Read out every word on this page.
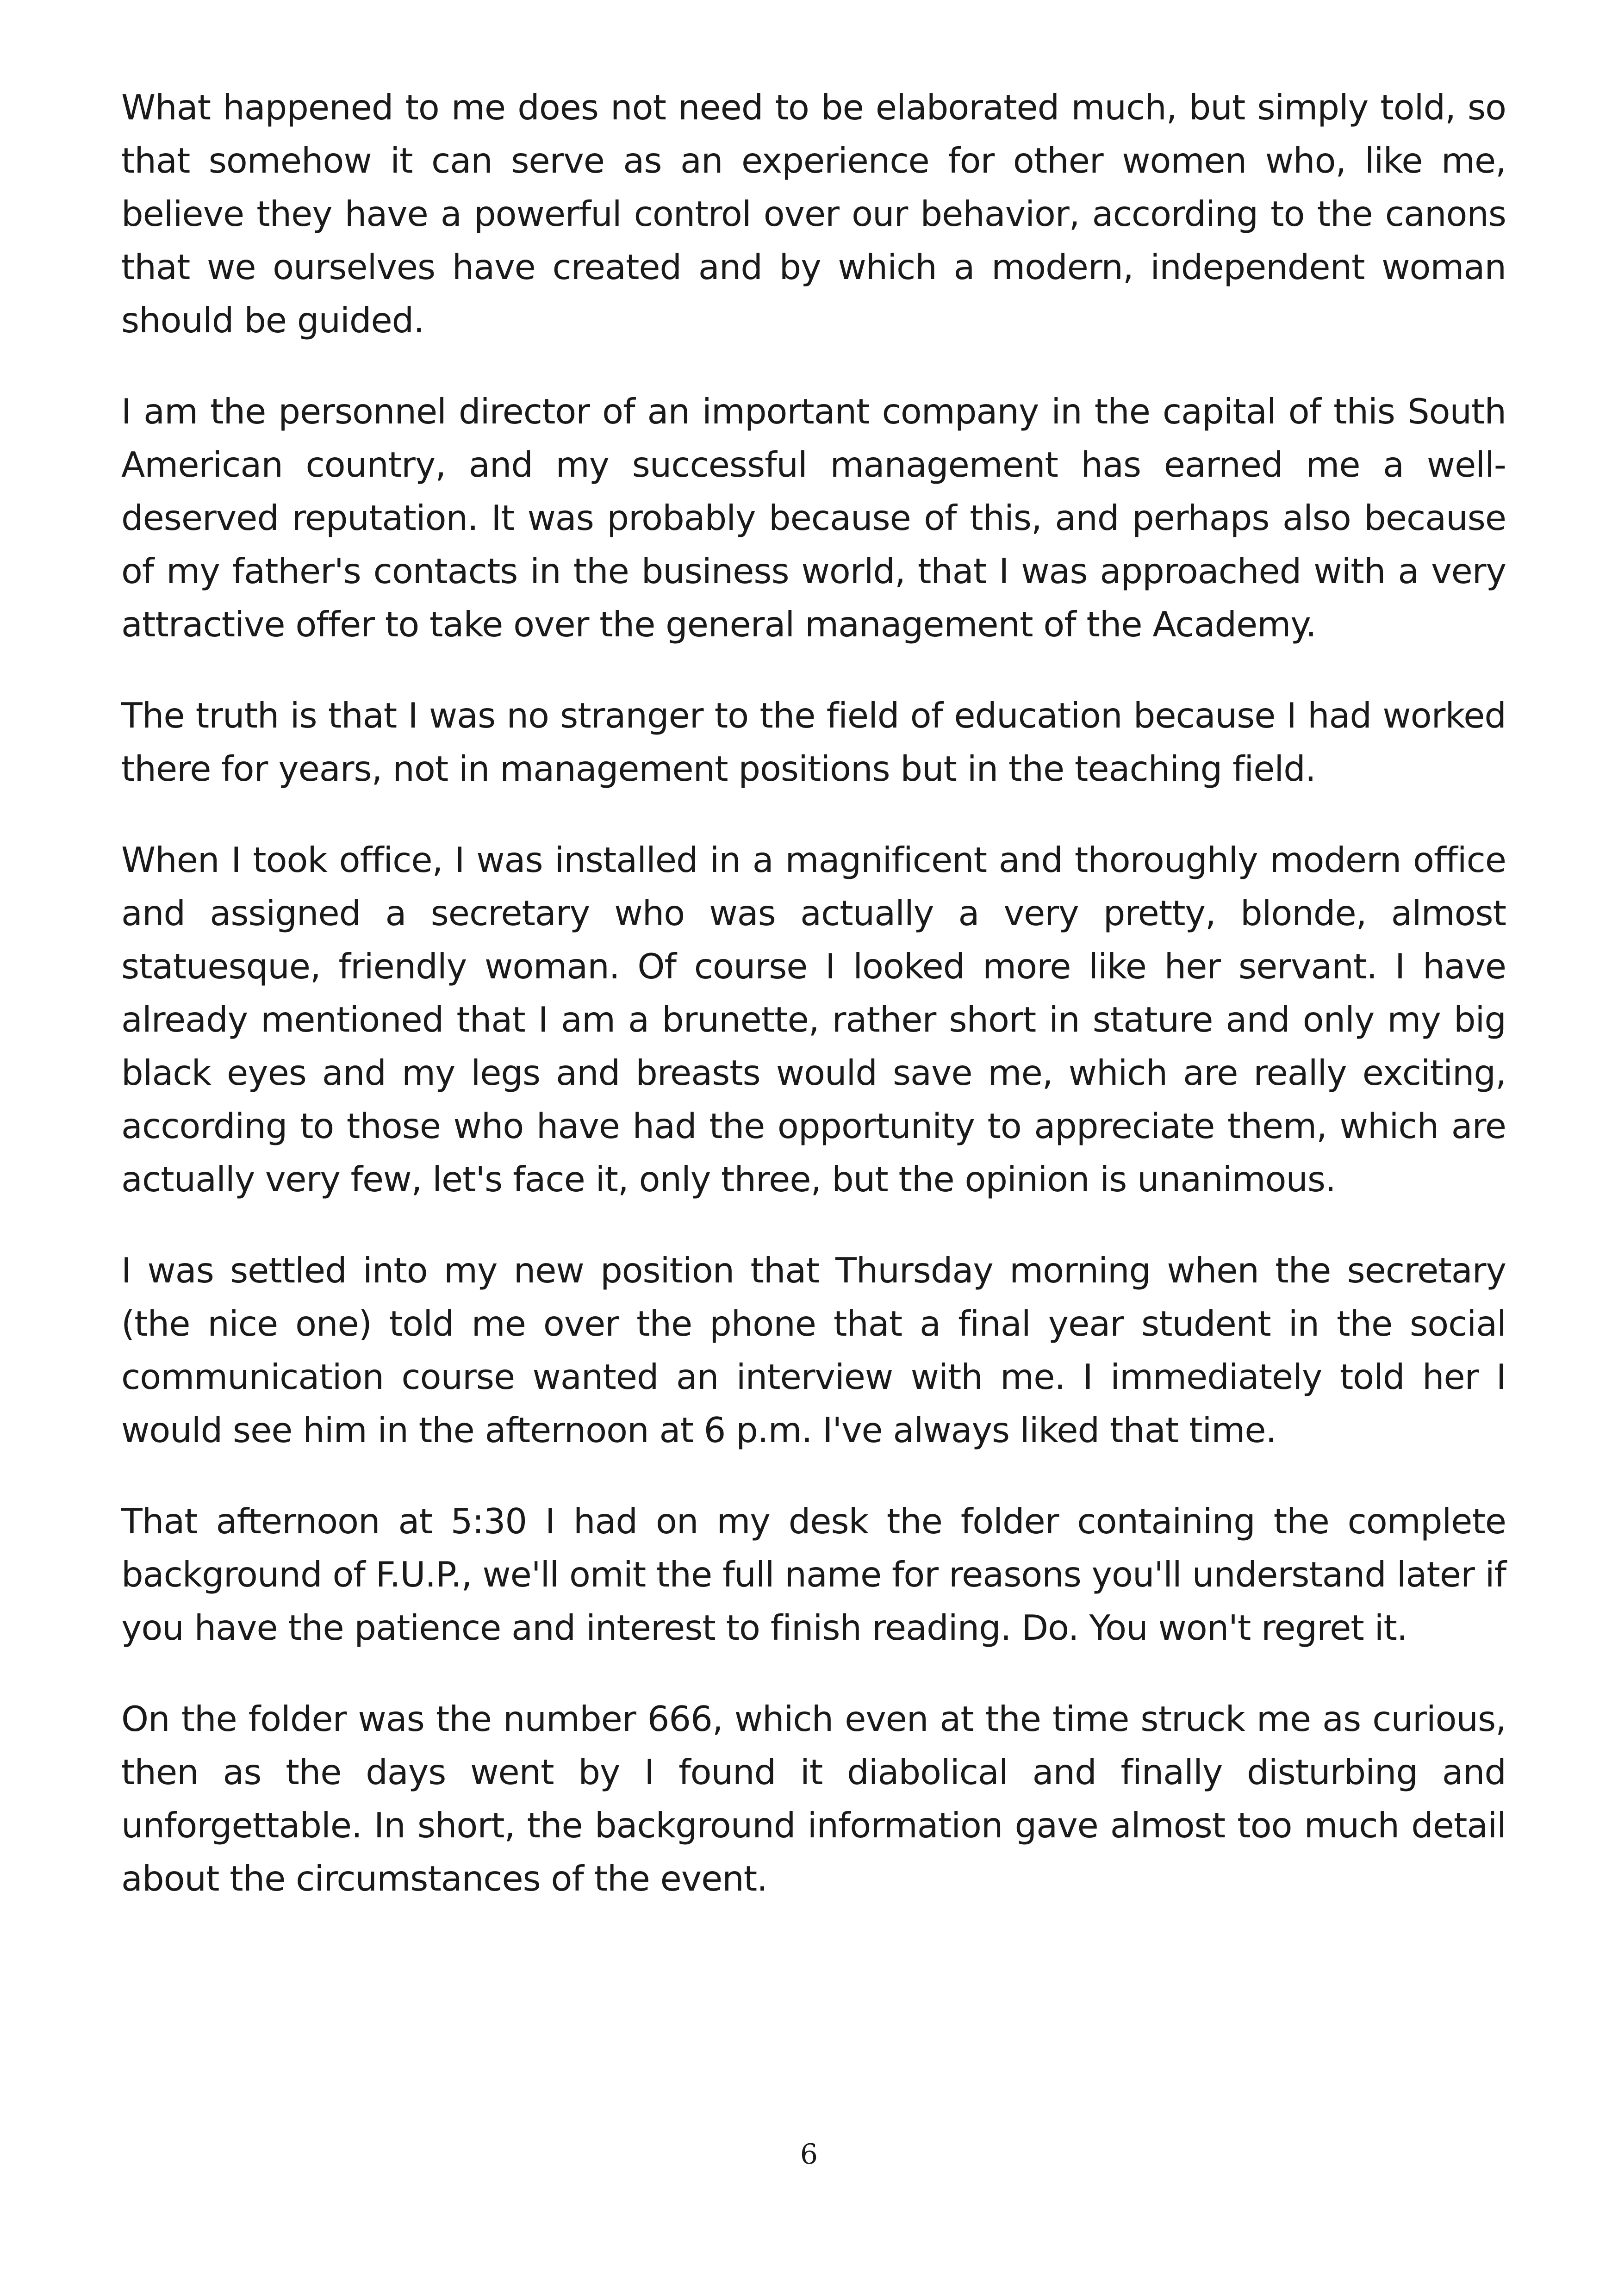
What happened to me does not need to be elaborated much, but simply told, so that somehow it can serve as an experience for other women who, like me, believe they have a powerful control over our behavior, according to the canons that we ourselves have created and by which a modern, independent woman should be guided.

I am the personnel director of an important company in the capital of this South American country, and my successful management has earned me a well-deserved reputation. It was probably because of this, and perhaps also because of my father's contacts in the business world, that I was approached with a very attractive offer to take over the general management of the Academy.

The truth is that I was no stranger to the field of education because I had worked there for years, not in management positions but in the teaching field.

When I took office, I was installed in a magnificent and thoroughly modern office and assigned a secretary who was actually a very pretty, blonde, almost statuesque, friendly woman. Of course I looked more like her servant. I have already mentioned that I am a brunette, rather short in stature and only my big black eyes and my legs and breasts would save me, which are really exciting, according to those who have had the opportunity to appreciate them, which are actually very few, let's face it, only three, but the opinion is unanimous.

I was settled into my new position that Thursday morning when the secretary (the nice one) told me over the phone that a final year student in the social communication course wanted an interview with me. I immediately told her I would see him in the afternoon at 6 p.m. I've always liked that time.

That afternoon at 5:30 I had on my desk the folder containing the complete background of F.U.P., we'll omit the full name for reasons you'll understand later if you have the patience and interest to finish reading. Do. You won't regret it.

On the folder was the number 666, which even at the time struck me as curious, then as the days went by I found it diabolical and finally disturbing and unforgettable. In short, the background information gave almost too much detail about the circumstances of the event.

6
